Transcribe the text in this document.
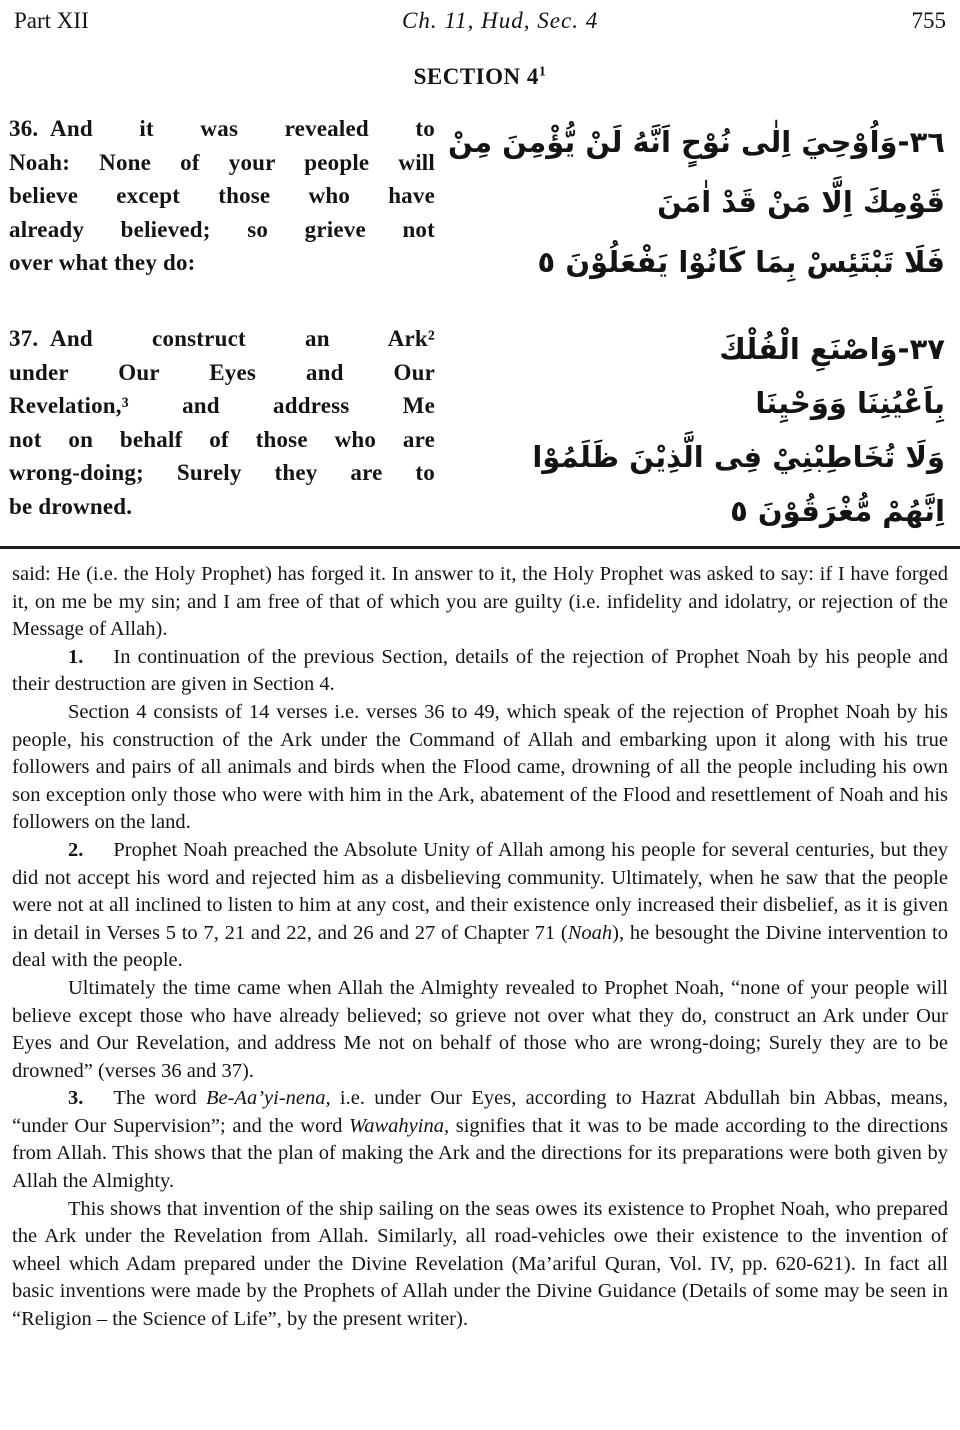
Part XII	Ch. 11, Hud, Sec. 4	755
SECTION $4^1$
36. And it was revealed to
Noah: None of your people will
believe except those who have
already believed; so grieve not
over what they do:
٣٦-وَاُوْحِيَ اِلٰى نُوْحٍ اَنَّهُ لَنْ يُّؤْمِنَ مِنْ
قَوْمِكَ اِلَّا مَنْ قَدْ اٰمَنَ
فَلَا تَبْتَئِسْ بِمَا كَانُوْا يَفْعَلُوْنَ ٥
37. And construct an Ark²
under Our Eyes and Our
Revelation,³ and address Me
not on behalf of those who are
wrong-doing; Surely they are to
be drowned.
٣٧-وَاصْنَعِ الْفُلْكَ
بِاَعْيُنِنَا وَوَحْيِنَا
وَلَا تُخَاطِبْنِيْ فِى الَّذِيْنَ ظَلَمُوْا
اِنَّهُمْ مُّغْرَقُوْنَ ٥

said: He (i.e. the Holy Prophet) has forged it. In answer to it, the Holy Prophet was asked to say: if I have forged it, on me be my sin; and I am free of that of which you are guilty (i.e. infidelity and idolatry, or rejection of the Message of Allah).

1. In continuation of the previous Section, details of the rejection of Prophet Noah by his people and their destruction are given in Section 4.

Section 4 consists of 14 verses i.e. verses 36 to 49, which speak of the rejection of Prophet Noah by his people, his construction of the Ark under the Command of Allah and embarking upon it along with his true followers and pairs of all animals and birds when the Flood came, drowning of all the people including his own son exception only those who were with him in the Ark, abatement of the Flood and resettlement of Noah and his followers on the land.

2. Prophet Noah preached the Absolute Unity of Allah among his people for several centuries, but they did not accept his word and rejected him as a disbelieving community. Ultimately, when he saw that the people were not at all inclined to listen to him at any cost, and their existence only increased their disbelief, as it is given in detail in Verses 5 to 7, 21 and 22, and 26 and 27 of Chapter 71 (Noah), he besought the Divine intervention to deal with the people.

Ultimately the time came when Allah the Almighty revealed to Prophet Noah, “none of your people will believe except those who have already believed; so grieve not over what they do, construct an Ark under Our Eyes and Our Revelation, and address Me not on behalf of those who are wrong-doing; Surely they are to be drowned” (verses 36 and 37).

3. The word Be-Aa’yi-nena, i.e. under Our Eyes, according to Hazrat Abdullah bin Abbas, means, “under Our Supervision”; and the word Wawahyina, signifies that it was to be made according to the directions from Allah. This shows that the plan of making the Ark and the directions for its preparations were both given by Allah the Almighty.

This shows that invention of the ship sailing on the seas owes its existence to Prophet Noah, who prepared the Ark under the Revelation from Allah. Similarly, all road-vehicles owe their existence to the invention of wheel which Adam prepared under the Divine Revelation (Ma’ariful Quran, Vol. IV, pp. 620-621). In fact all basic inventions were made by the Prophets of Allah under the Divine Guidance (Details of some may be seen in “Religion – the Science of Life”, by the present writer).
